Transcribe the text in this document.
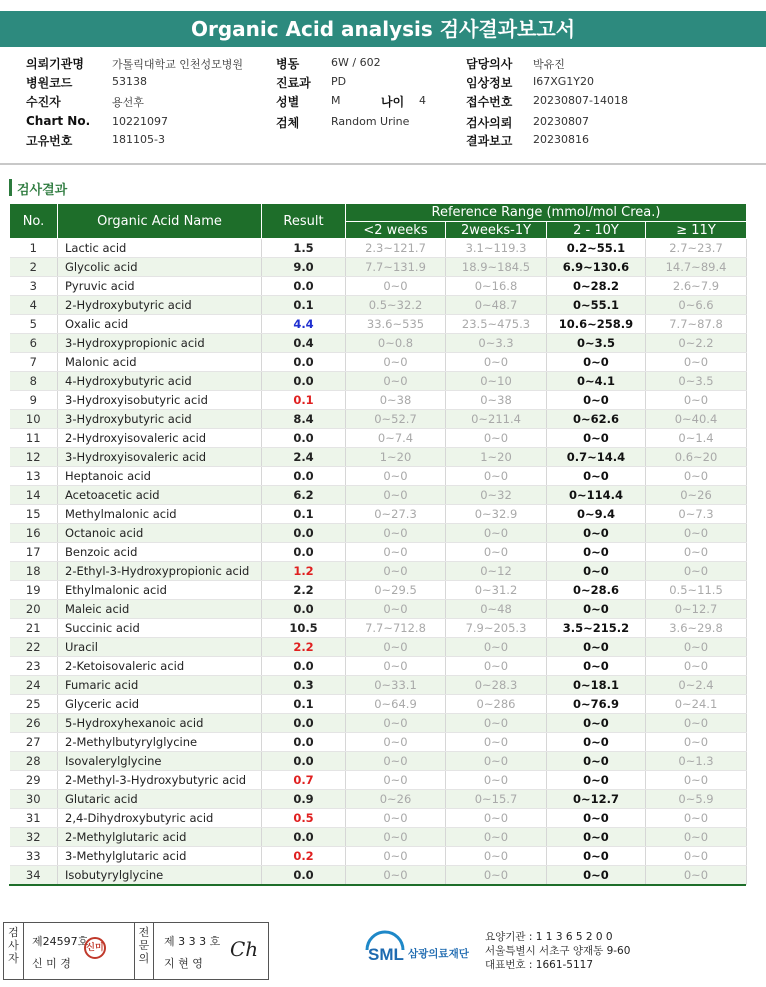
Organic Acid analysis 검사결과보고서
의뢰기관명	가톨릭대학교 인천성모병원	병동	6W / 602	담당의사 박유진
병원코드	53138	진료과 PD	임상정보 I67XG1Y20
수진자	용선후	성별	M	나이 4	접수번호 20230807-14018
Chart No. 10221097	검체	Random Urine	검사의뢰 20230807
고유번호	181105-3	결과보고 20230816
검사결과
No.	Organic Acid Name	Result	Reference Range (mmol/mol Crea.)			
			<2 weeks	2weeks-1Y	2 - 10Y	≥ 11Y
1	Lactic acid	1.5	2.3~121.7	3.1~119.3	0.2~55.1	2.7~23.7
2	Glycolic acid	9.0	7.7~131.9	18.9~184.5	6.9~130.6	14.7~89.4
3	Pyruvic acid	0.0	0~0	0~16.8	0~28.2	2.6~7.9
4	2-Hydroxybutyric acid	0.1	0.5~32.2	0~48.7	0~55.1	0~6.6
5	Oxalic acid	4.4	33.6~535	23.5~475.3	10.6~258.9	7.7~87.8
6	3-Hydroxypropionic acid	0.4	0~0.8	0~3.3	0~3.5	0~2.2
7	Malonic acid	0.0	0~0	0~0	0~0	0~0
8	4-Hydroxybutyric acid	0.0	0~0	0~10	0~4.1	0~3.5
9	3-Hydroxyisobutyric acid	0.1	0~38	0~38	0~0	0~0
10	3-Hydroxybutyric acid	8.4	0~52.7	0~211.4	0~62.6	0~40.4
11	2-Hydroxyisovaleric acid	0.0	0~7.4	0~0	0~0	0~1.4
12	3-Hydroxyisovaleric acid	2.4	1~20	1~20	0.7~14.4	0.6~20
13	Heptanoic acid	0.0	0~0	0~0	0~0	0~0
14	Acetoacetic acid	6.2	0~0	0~32	0~114.4	0~26
15	Methylmalonic acid	0.1	0~27.3	0~32.9	0~9.4	0~7.3
16	Octanoic acid	0.0	0~0	0~0	0~0	0~0
17	Benzoic acid	0.0	0~0	0~0	0~0	0~0
18	2-Ethyl-3-Hydroxypropionic acid	1.2	0~0	0~12	0~0	0~0
19	Ethylmalonic acid	2.2	0~29.5	0~31.2	0~28.6	0.5~11.5
20	Maleic acid	0.0	0~0	0~48	0~0	0~12.7
21	Succinic acid	10.5	7.7~712.8	7.9~205.3	3.5~215.2	3.6~29.8
22	Uracil	2.2	0~0	0~0	0~0	0~0
23	2-Ketoisovaleric acid	0.0	0~0	0~0	0~0	0~0
24	Fumaric acid	0.3	0~33.1	0~28.3	0~18.1	0~2.4
25	Glyceric acid	0.1	0~64.9	0~286	0~76.9	0~24.1
26	5-Hydroxyhexanoic acid	0.0	0~0	0~0	0~0	0~0
27	2-Methylbutyrylglycine	0.0	0~0	0~0	0~0	0~0
28	Isovalerylglycine	0.0	0~0	0~0	0~0	0~1.3
29	2-Methyl-3-Hydroxybutyric acid	0.7	0~0	0~0	0~0	0~0
30	Glutaric acid	0.9	0~26	0~15.7	0~12.7	0~5.9
31	2,4-Dihydroxybutyric acid	0.5	0~0	0~0	0~0	0~0
32	2-Methylglutaric acid	0.0	0~0	0~0	0~0	0~0
33	3-Methylglutaric acid	0.2	0~0	0~0	0~0	0~0
34	Isobutyrylglycine	0.0	0~0	0~0	0~0	0~0
검사자
제24597호
신 미 경
신미
전문의
제 3 3 3 호
지 현 영
Ch	SML 삼광의료재단
요양기관 : 1 1 3 6 5 2 0 0
서울특별시 서초구 양재동 9-60
대표번호 : 1661-5117
